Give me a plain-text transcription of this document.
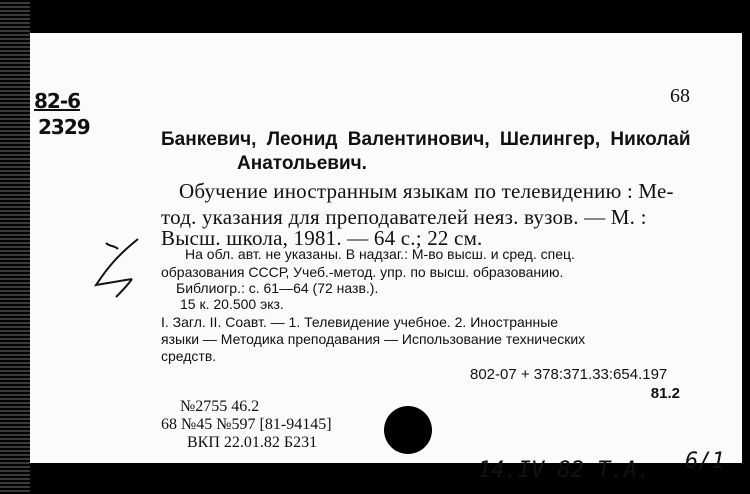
68
82-6
2329
Банкевич, Леонид Валентинович, Шелингер, Николай
Анатольевич.
Обучение иностранным языкам по телевидению : Ме-
тод. указания для преподавателей неяз. вузов. — М. :
Высш. школа, 1981. — 64 с.; 22 см.
На обл. авт. не указаны. В надзаг.: М-во высш. и сред. спец.
образования СССР, Учеб.-метод. упр. по высш. образованию.
Библиогр.: с. 61—64 (72 назв.).
15 к. 20.500 экз.
I. Загл. II. Соавт. — 1. Телевидение учебное. 2. Иностранные
языки — Методика преподавания — Использование технических
средств.
802-07 + 378:371.33:654.197
81.2
№2755 46.2
68 №45 №597 [81-94145]
ВКП 22.01.82 Б231
14.IV 82 Т.А. 6/1
